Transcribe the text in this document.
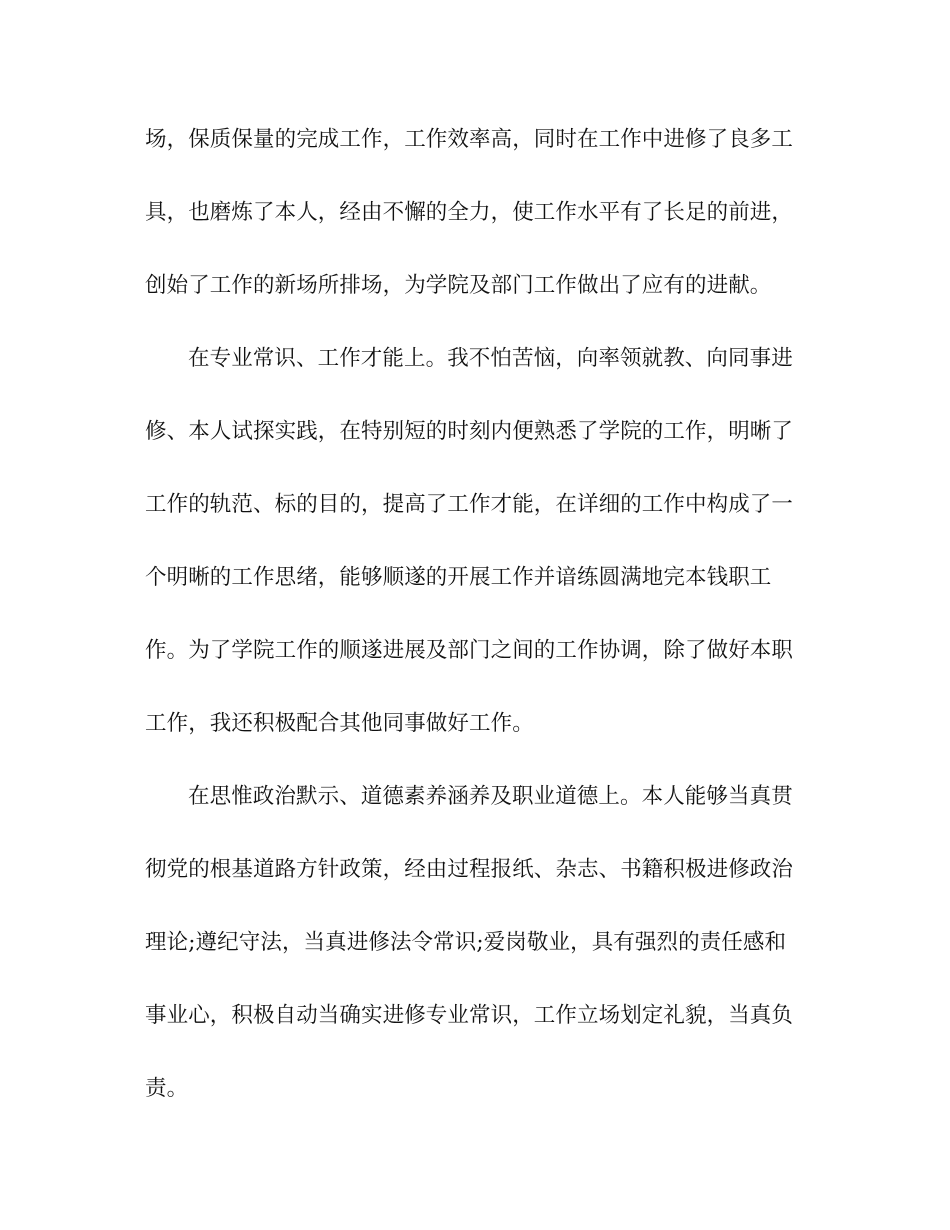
场，保质保量的完成工作，工作效率高，同时在工作中进修了良多工
具，也磨炼了本人，经由不懈的全力，使工作水平有了长足的前进，
创始了工作的新场所排场，为学院及部门工作做出了应有的进献。
在专业常识、工作才能上。我不怕苦恼，向率领就教、向同事进
修、本人试探实践，在特别短的时刻内便熟悉了学院的工作，明晰了
工作的轨范、标的目的，提高了工作才能，在详细的工作中构成了一
个明晰的工作思绪，能够顺遂的开展工作并谙练圆满地完本钱职工
作。为了学院工作的顺遂进展及部门之间的工作协调，除了做好本职
工作，我还积极配合其他同事做好工作。
在思惟政治默示、道德素养涵养及职业道德上。本人能够当真贯
彻党的根基道路方针政策，经由过程报纸、杂志、书籍积极进修政治
理论;遵纪守法，当真进修法令常识;爱岗敬业，具有强烈的责任感和
事业心，积极自动当确实进修专业常识，工作立场划定礼貌，当真负
责。
